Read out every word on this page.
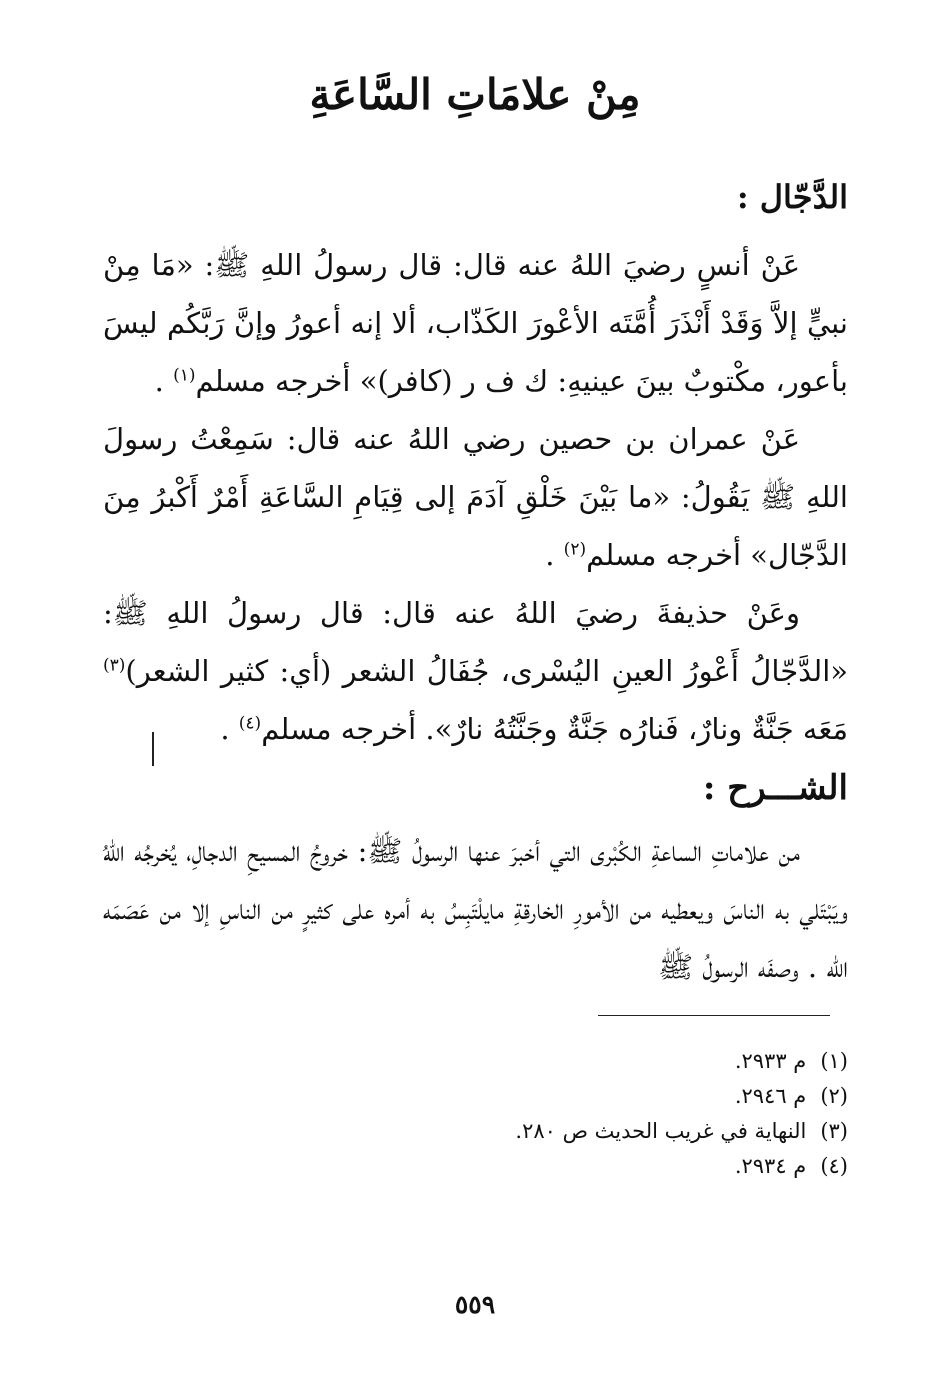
مِنْ علامَاتِ السَّاعَةِ
الدَّجّال :

عَنْ أنسٍ رضيَ اللهُ عنه قال: قال رسولُ اللهِ ﷺ: «مَا مِنْ نبيٍّ إلاَّ وَقَدْ أَنْذَرَ أُمَّتَه الأعْورَ الكَذّاب، ألا إنه أعورُ وإنَّ رَبَّكُم ليسَ بأعور، مكْتوبٌ بينَ عينيهِ: ك ف ر (كافر)» أخرجه مسلم$^{(١)}$ .

عَنْ عمران بن حصين رضي اللهُ عنه قال: سَمِعْتُ رسولَ اللهِ ﷺ يَقُولُ: «ما بَيْنَ خَلْقِ آدَمَ إلى قِيَامِ السَّاعَةِ أَمْرٌ أَكْبرُ مِنَ الدَّجّال» أخرجه مسلم$^{(٢)}$ .

وعَنْ حذيفةَ رضيَ اللهُ عنه قال: قال رسولُ اللهِ ﷺ: «الدَّجّالُ أَعْورُ العينِ اليُسْرى، جُفَالُ الشعر (أي: كثير الشعر)$^{(٣)}$ مَعَه جَنَّةٌ ونارٌ، فَنارُه جَنَّةٌ وجَنَّتُهُ نارٌ». أخرجه مسلم$^{(٤)}$ .

الشـــرح :

من علاماتِ الساعةِ الكُبْرى التي أخبرَ عنها الرسولُ ﷺ: خروجُ المسيحِ الدجالِ، يُخرجُه اللهُ ويَبْتَلي به الناسَ ويعطيه من الأمورِ الخارقةِ مايلْتَبِسُ به أمره على كثيرٍ من الناسِ إلا من عَصَمَه الله . وصفَه الرسولُ ﷺ

(١)
م ٢٩٣٣.
(٢)
م ٢٩٤٦.
(٣)
النهاية في غريب الحديث ص ٢٨٠.
(٤)
م ٢٩٣٤.
٥٥٩
